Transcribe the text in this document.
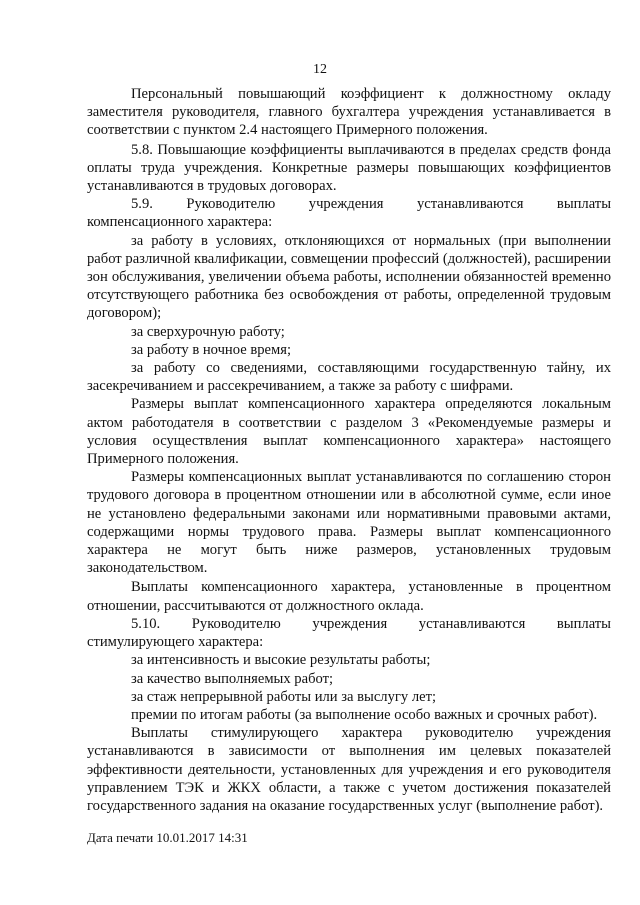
12

Персональный повышающий коэффициент к должностному окладу заместителя руководителя, главного бухгалтера учреждения устанавливается в соответствии с пунктом 2.4 настоящего Примерного положения.

5.8. Повышающие коэффициенты выплачиваются в пределах средств фонда оплаты труда учреждения. Конкретные размеры повышающих коэффициентов устанавливаются в трудовых договорах.

5.9. Руководителю учреждения устанавливаются выплаты

компенсационного характера:

за работу в условиях, отклоняющихся от нормальных (при выполнении работ различной квалификации, совмещении профессий (должностей), расширении зон обслуживания, увеличении объема работы, исполнении обязанностей временно отсутствующего работника без освобождения от работы, определенной трудовым договором);

за сверхурочную работу;

за работу в ночное время;

за работу со сведениями, составляющими государственную тайну, их засекречиванием и рассекречиванием, а также за работу с шифрами.

Размеры выплат компенсационного характера определяются локальным актом работодателя в соответствии с разделом 3 «Рекомендуемые размеры и условия осуществления выплат компенсационного характера» настоящего Примерного положения.

Размеры компенсационных выплат устанавливаются по соглашению сторон трудового договора в процентном отношении или в абсолютной сумме, если иное не установлено федеральными законами или нормативными правовыми актами, содержащими нормы трудового права. Размеры выплат компенсационного характера не могут быть ниже размеров, установленных трудовым законодательством.

Выплаты компенсационного характера, установленные в процентном отношении, рассчитываются от должностного оклада.

5.10. Руководителю учреждения устанавливаются выплаты

стимулирующего характера:

за интенсивность и высокие результаты работы;

за качество выполняемых работ;

за стаж непрерывной работы или за выслугу лет;

премии по итогам работы (за выполнение особо важных и срочных работ).

Выплаты стимулирующего характера руководителю учреждения устанавливаются в зависимости от выполнения им целевых показателей эффективности деятельности, установленных для учреждения и его руководителя управлением ТЭК и ЖКХ области, а также с учетом достижения показателей государственного задания на оказание государственных услуг (выполнение работ).

Дата печати 10.01.2017 14:31
